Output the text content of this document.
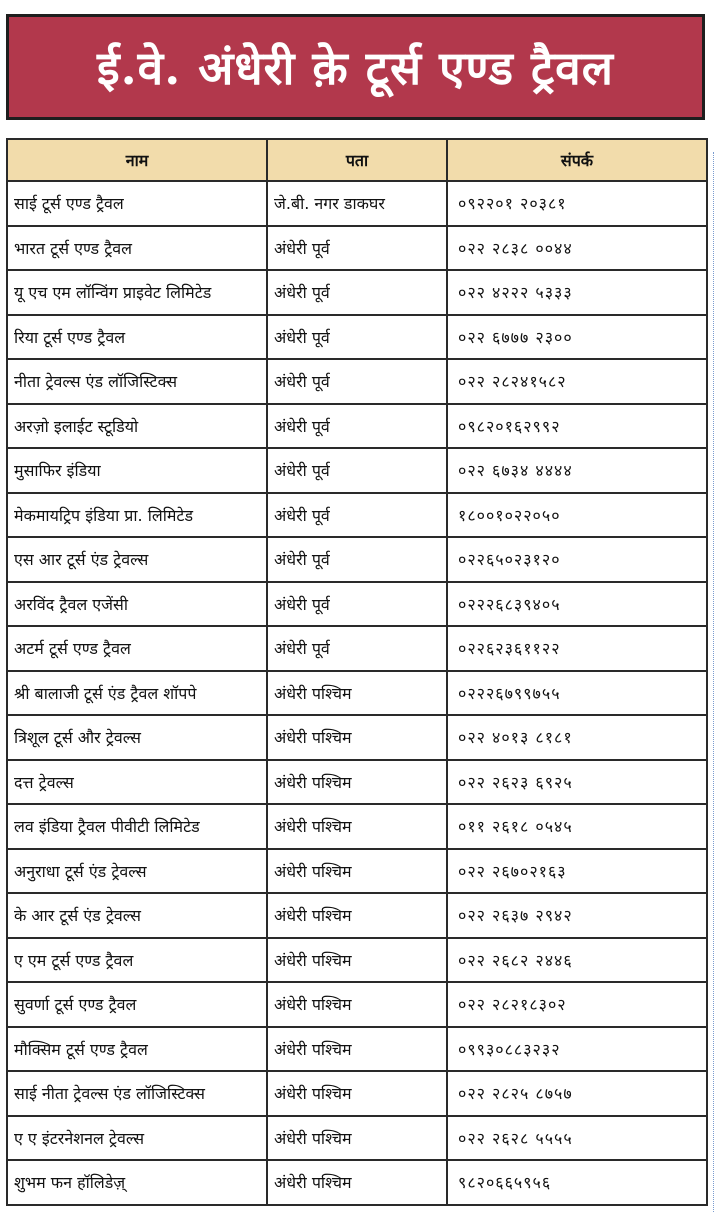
ई.वे. अंधेरी क़े टूर्स एण्ड ट्रैवल
नाम	पता	संपर्क
साई टूर्स एण्ड ट्रैवल	जे.बी. नगर डाकघर	०९२२०१ २०३८१
भारत टूर्स एण्ड ट्रैवल	अंधेरी पूर्व	०२२ २८३८ ००४४
यू एच एम लॉन्विंग प्राइवेट लिमिटेड	अंधेरी पूर्व	०२२ ४२२२ ५३३३
रिया टूर्स एण्ड ट्रैवल	अंधेरी पूर्व	०२२ ६७७७ २३००
नीता ट्रेवल्स एंड लॉजिस्टिक्स	अंधेरी पूर्व	०२२ २८२४१५८२
अरज़ो इलाईट स्टूडियो	अंधेरी पूर्व	०९८२०१६२९९२
मुसाफिर इंडिया	अंधेरी पूर्व	०२२ ६७३४ ४४४४
मेकमायट्रिप इंडिया प्रा. लिमिटेड	अंधेरी पूर्व	१८००१०२२०५०
एस आर टूर्स एंड ट्रेवल्स	अंधेरी पूर्व	०२२६५०२३१२०
अरविंद ट्रैवल एजेंसी	अंधेरी पूर्व	०२२२६८३९४०५
अटर्म टूर्स एण्ड ट्रैवल	अंधेरी पूर्व	०२२६२३६११२२
श्री बालाजी टूर्स एंड ट्रैवल शॉपपे	अंधेरी पश्चिम	०२२२६७९९७५५
त्रिशूल टूर्स और ट्रेवल्स	अंधेरी पश्चिम	०२२ ४०१३ ८१८१
दत्त ट्रेवल्स	अंधेरी पश्चिम	०२२ २६२३ ६९२५
लव इंडिया ट्रैवल पीवीटी लिमिटेड	अंधेरी पश्चिम	०११ २६१८ ०५४५
अनुराधा टूर्स एंड ट्रेवल्स	अंधेरी पश्चिम	०२२ २६७०२१६३
के आर टूर्स एंड ट्रेवल्स	अंधेरी पश्चिम	०२२ २६३७ २९४२
ए एम टूर्स एण्ड ट्रैवल	अंधेरी पश्चिम	०२२ २६८२ २४४६
सुवर्णा टूर्स एण्ड ट्रैवल	अंधेरी पश्चिम	०२२ २८२१८३०२
मौक्सिम टूर्स एण्ड ट्रैवल	अंधेरी पश्चिम	०९९३०८८३२३२
साई नीता ट्रेवल्स एंड लॉजिस्टिक्स	अंधेरी पश्चिम	०२२ २८२५ ८७५७
ए ए इंटरनेशनल ट्रेवल्स	अंधेरी पश्चिम	०२२ २६२८ ५५५५
शुभम फन हॉलिडेज़्	अंधेरी पश्चिम	९८२०६६५९५६
